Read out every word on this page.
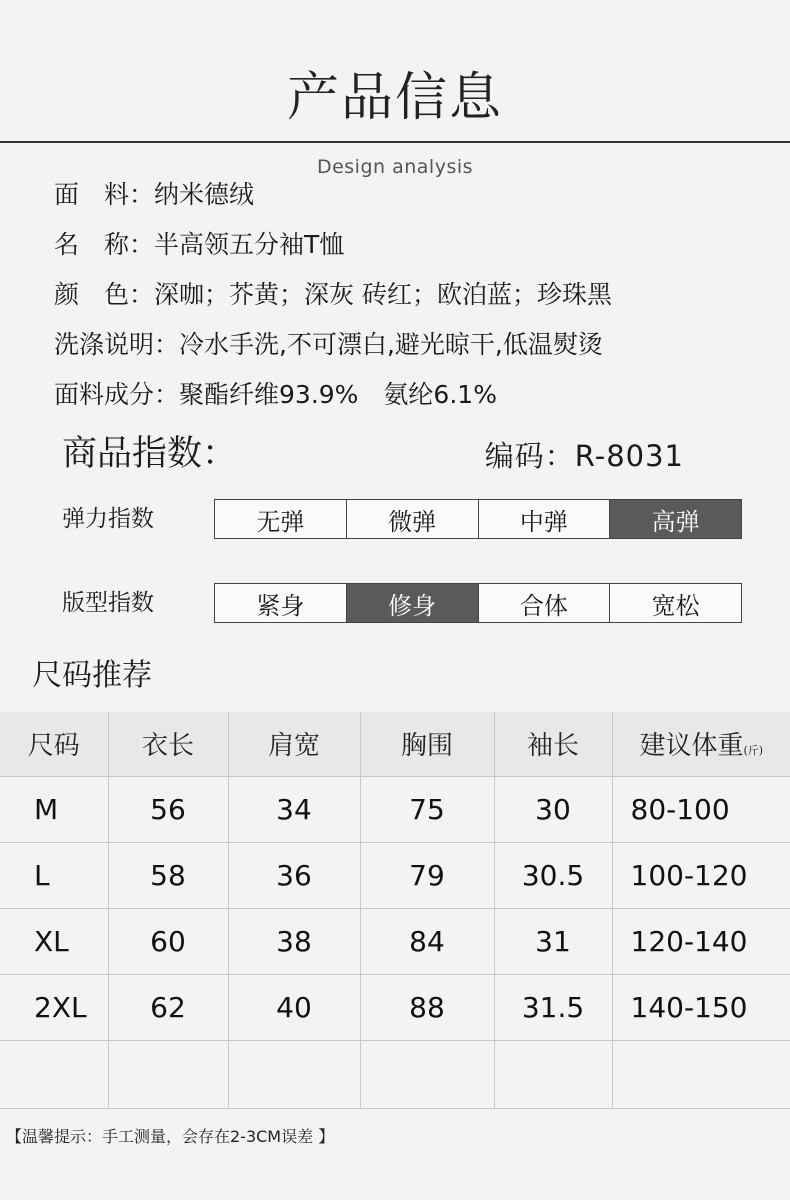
产品信息
Design analysis
面　料：纳米德绒
名　称：半高领五分袖T恤
颜　色：深咖；芥黄；深灰 砖红；欧泊蓝；珍珠黑
洗涤说明：冷水手洗,不可漂白,避光晾干,低温熨烫
面料成分：聚酯纤维93.9%　氨纶6.1%
商品指数：	编码：R-8031
弹力指数	无弹	微弹	中弹	高弹
版型指数	紧身	修身	合体	宽松
尺码推荐
尺码	衣长	肩宽	胸围	袖长	建议体重(斤)
M	56	34	75	30	80-100
L	58	36	79	30.5	100-120
XL	60	38	84	31	120-140
2XL	62	40	88	31.5	140-150

【温馨提示：手工测量，会存在2-3CM误差 】
